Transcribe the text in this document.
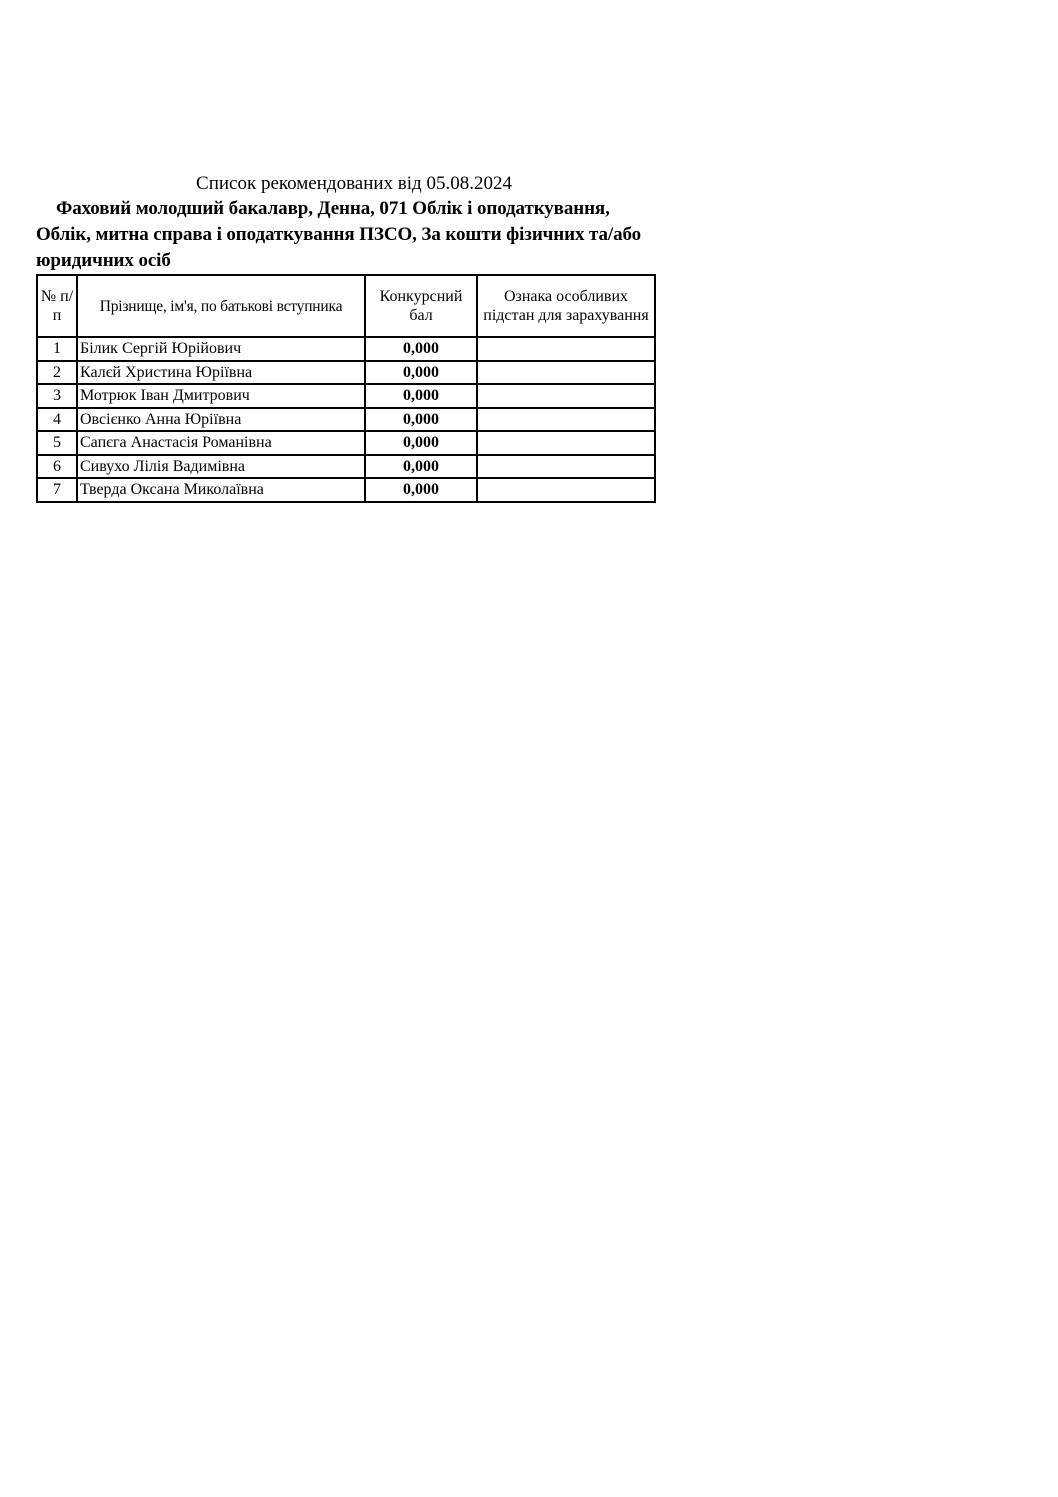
Список рекомендованих від 05.08.2024

Фаховий молодший бакалавр, Денна, 071 Облік і оподаткування, Облік, митна справа і оподаткування ПЗСО, За кошти фізичних та/або юридичних осіб

№ п/п	Прізнище, ім'я, по батькові вступника	Конкурсний бал	Ознака особливих підстан для зарахування
1	Білик Сергій Юрійович	0,000	
2	Калєй Христина Юріївна	0,000	
3	Мотрюк Іван Дмитрович	0,000	
4	Овсієнко Анна Юріївна	0,000	
5	Сапєга Анастасія Романівна	0,000	
6	Сивухо Лілія Вадимівна	0,000	
7	Тверда Оксана Миколаївна	0,000	
